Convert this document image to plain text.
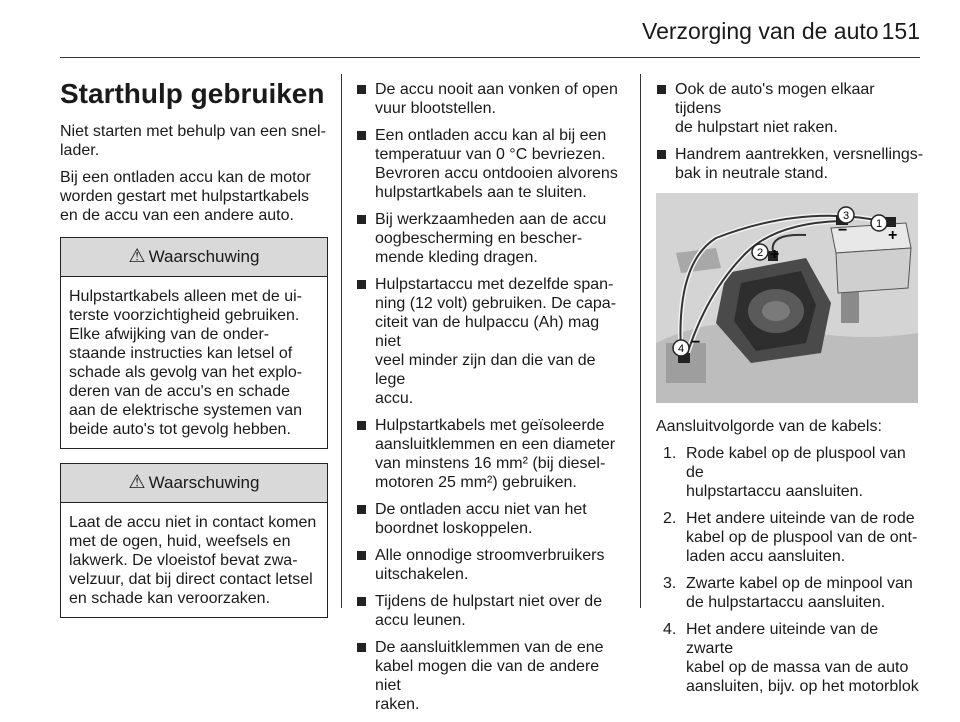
Verzorging van de auto 151
Starthulp gebruiken

Niet starten met behulp van een snel-
lader.

Bij een ontladen accu kan de motor
worden gestart met hulpstartkabels
en de accu van een andere auto.

⚠ Waarschuwing
Hulpstartkabels alleen met de ui-
terste voorzichtigheid gebruiken.
Elke afwijking van de onder-
staande instructies kan letsel of
schade als gevolg van het explo-
deren van de accu's en schade
aan de elektrische systemen van
beide auto's tot gevolg hebben.
⚠ Waarschuwing
Laat de accu niet in contact komen
met de ogen, huid, weefsels en
lakwerk. De vloeistof bevat zwa-
velzuur, dat bij direct contact letsel
en schade kan veroorzaken.
De accu nooit aan vonken of open
vuur blootstellen.
Een ontladen accu kan al bij een
temperatuur van 0 °C bevriezen.
Bevroren accu ontdooien alvorens
hulpstartkabels aan te sluiten.
Bij werkzaamheden aan de accu
oogbescherming en bescher-
mende kleding dragen.
Hulpstartaccu met dezelfde span-
ning (12 volt) gebruiken. De capa-
citeit van de hulpaccu (Ah) mag niet
veel minder zijn dan die van de lege
accu.
Hulpstartkabels met geïsoleerde
aansluitklemmen en een diameter
van minstens 16 mm² (bij diesel-
motoren 25 mm²) gebruiken.
De ontladen accu niet van het
boordnet loskoppelen.
Alle onnodige stroomverbruikers
uitschakelen.
Tijdens de hulpstart niet over de
accu leunen.
De aansluitklemmen van de ene
kabel mogen die van de andere niet
raken.
Ook de auto's mogen elkaar tijdens
de hulpstart niet raken.
Handrem aantrekken, versnellings-
bak in neutrale stand.
1
+
2 +
3
−
4 −

Aansluitvolgorde van de kabels:

1. Rode kabel op de pluspool van de
hulpstartaccu aansluiten.
2. Het andere uiteinde van de rode
kabel op de pluspool van de ont-
laden accu aansluiten.
3. Zwarte kabel op de minpool van
de hulpstartaccu aansluiten.
4. Het andere uiteinde van de zwarte
kabel op de massa van de auto
aansluiten, bijv. op het motorblok
